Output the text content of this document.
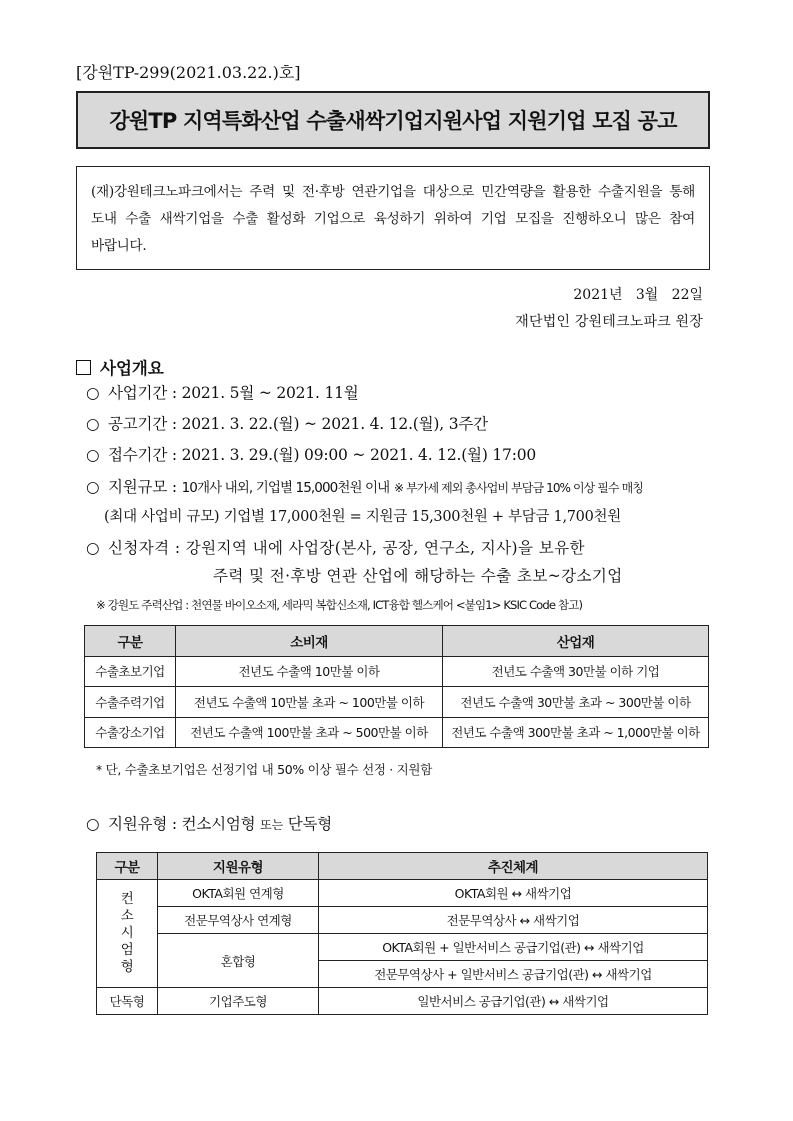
[강원TP-299(2021.03.22.)호]
강원TP 지역특화산업 수출새싹기업지원사업 지원기업 모집 공고
(재)강원테크노파크에서는 주력 및 전·후방 연관기업을 대상으로 민간역량을 활용한 수출지원을 통해 도내 수출 새싹기업을 수출 활성화 기업으로 육성하기 위하여 기업 모집을 진행하오니 많은 참여 바랍니다.
2021년   3월   22일
재단법인 강원테크노파크 원장
사업개요
○ 사업기간 : 2021. 5월 ~ 2021. 11월
○ 공고기간 : 2021. 3. 22.(월) ~ 2021. 4. 12.(월), 3주간
○ 접수기간 : 2021. 3. 29.(월) 09:00 ~ 2021. 4. 12.(월) 17:00
○ 지원규모 : 10개사 내외, 기업별 15,000천원 이내 ※ 부가세 제외 총사업비 부담금 10% 이상 필수 매칭
(최대 사업비 규모) 기업별 17,000천원 = 지원금 15,300천원 + 부담금 1,700천원
○ 신청자격 : 강원지역 내에 사업장(본사, 공장, 연구소, 지사)을 보유한
주력 및 전·후방 연관 산업에 해당하는 수출 초보~강소기업
※ 강원도 주력산업 : 천연물 바이오소재, 세라믹 복합신소재, ICT융합 헬스케어 <붙임1> KSIC Code 참고)
구분	소비재	산업재
수출초보기업	전년도 수출액 10만불 이하	전년도 수출액 30만불 이하 기업
수출주력기업	전년도 수출액 10만불 초과 ~ 100만불 이하	전년도 수출액 30만불 초과 ~ 300만불 이하
수출강소기업	전년도 수출액 100만불 초과 ~ 500만불 이하	전년도 수출액 300만불 초과 ~ 1,000만불 이하
* 단, 수출초보기업은 선정기업 내 50% 이상 필수 선정 · 지원함
○ 지원유형 : 컨소시엄형 또는 단독형
구분	지원유형	추진체계
컨
소
시
엄
형	OKTA회원 연계형	OKTA회원 ↔ 새싹기업
	전문무역상사 연계형	전문무역상사 ↔ 새싹기업
	혼합형	OKTA회원 + 일반서비스 공급기업(관) ↔ 새싹기업
		전문무역상사 + 일반서비스 공급기업(관) ↔ 새싹기업
단독형	기업주도형	일반서비스 공급기업(관) ↔ 새싹기업
